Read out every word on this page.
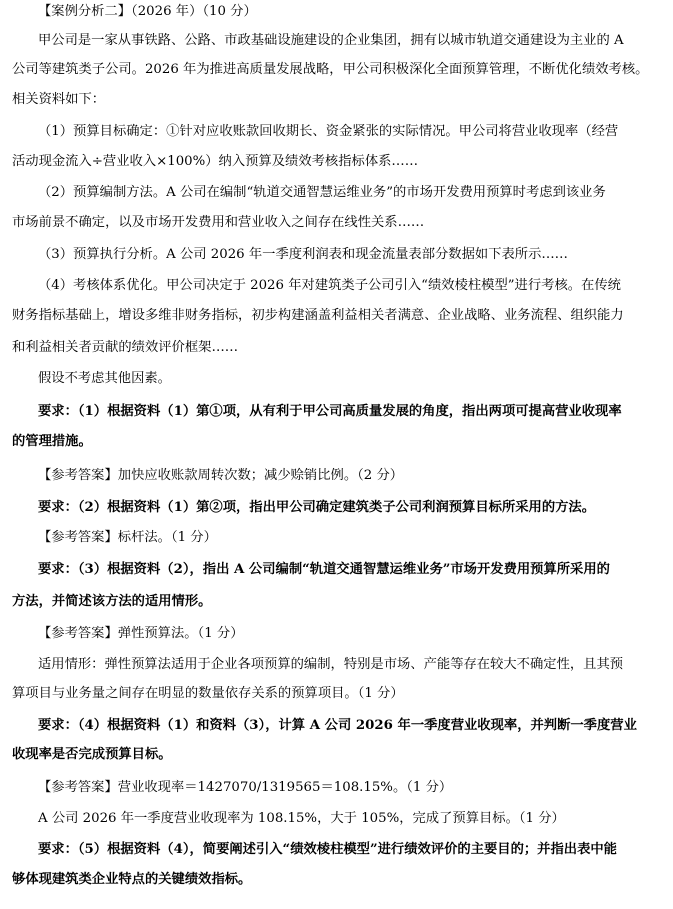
【案例分析二】（2026 年）（10 分）
甲公司是一家从事铁路、公路、市政基础设施建设的企业集团，拥有以城市轨道交通建设为主业的 A
公司等建筑类子公司。2026 年为推进高质量发展战略，甲公司积极深化全面预算管理，不断优化绩效考核。
相关资料如下：
（1）预算目标确定：①针对应收账款回收期长、资金紧张的实际情况。甲公司将营业收现率（经营
活动现金流入÷营业收入×100%）纳入预算及绩效考核指标体系……
（2）预算编制方法。A 公司在编制“轨道交通智慧运维业务”的市场开发费用预算时考虑到该业务
市场前景不确定，以及市场开发费用和营业收入之间存在线性关系……
（3）预算执行分析。A 公司 2026 年一季度利润表和现金流量表部分数据如下表所示……
（4）考核体系优化。甲公司决定于 2026 年对建筑类子公司引入“绩效棱柱模型”进行考核。在传统
财务指标基础上，增设多维非财务指标，初步构建涵盖利益相关者满意、企业战略、业务流程、组织能力
和利益相关者贡献的绩效评价框架……
假设不考虑其他因素。
要求：（1）根据资料（1）第①项，从有利于甲公司高质量发展的角度，指出两项可提高营业收现率
的管理措施。
【参考答案】加快应收账款周转次数；减少赊销比例。（2 分）
要求：（2）根据资料（1）第②项，指出甲公司确定建筑类子公司利润预算目标所采用的方法。
【参考答案】标杆法。（1 分）
要求：（3）根据资料（2），指出 A 公司编制“轨道交通智慧运维业务”市场开发费用预算所采用的
方法，并简述该方法的适用情形。
【参考答案】弹性预算法。（1 分）
适用情形：弹性预算法适用于企业各项预算的编制，特别是市场、产能等存在较大不确定性，且其预
算项目与业务量之间存在明显的数量依存关系的预算项目。（1 分）
要求：（4）根据资料（1）和资料（3），计算 A 公司 2026 年一季度营业收现率，并判断一季度营业
收现率是否完成预算目标。
【参考答案】营业收现率＝1427070/1319565＝108.15%。（1 分）
A 公司 2026 年一季度营业收现率为 108.15%，大于 105%，完成了预算目标。（1 分）
要求：（5）根据资料（4），简要阐述引入“绩效棱柱模型”进行绩效评价的主要目的；并指出表中能
够体现建筑类企业特点的关键绩效指标。
